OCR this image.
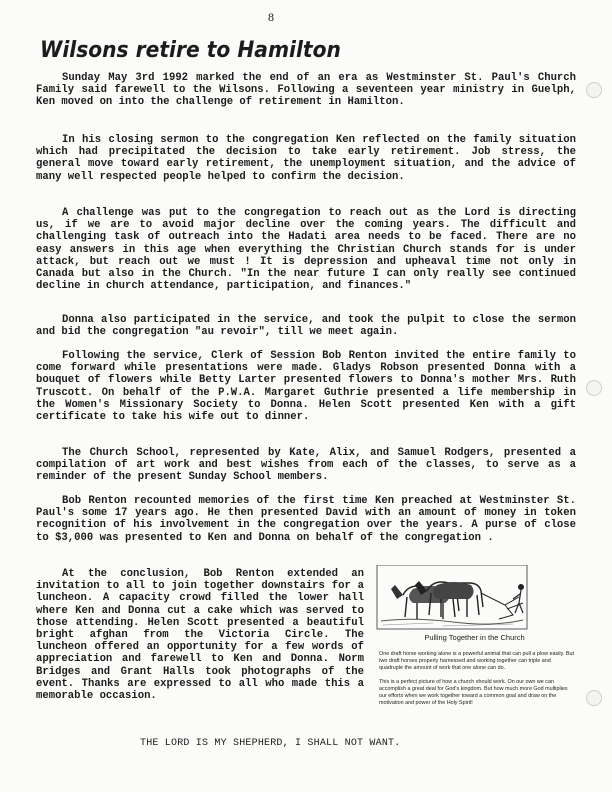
8
Wilsons retire to Hamilton

Sunday May 3rd 1992 marked the end of an era as Westminster St. Paul's Church Family said farewell to the Wilsons. Following a seventeen year ministry in Guelph, Ken moved on into the challenge of retirement in Hamilton.

In his closing sermon to the congregation Ken reflected on the family situation which had precipitated the decision to take early retirement. Job stress, the general move toward early retirement, the unemployment situation, and the advice of many well respected people helped to confirm the decision.

A challenge was put to the congregation to reach out as the Lord is directing us, if we are to avoid major decline over the coming years. The difficult and challenging task of outreach into the Hadati area needs to be faced. There are no easy answers in this age when everything the Christian Church stands for is under attack, but reach out we must ! It is depression and upheaval time not only in Canada but also in the Church. "In the near future I can only really see continued decline in church attendance, participation, and finances."

Donna also participated in the service, and took the pulpit to close the sermon and bid the congregation "au revoir", till we meet again.

Following the service, Clerk of Session Bob Renton invited the entire family to come forward while presentations were made. Gladys Robson presented Donna with a bouquet of flowers while Betty Larter presented flowers to Donna's mother Mrs. Ruth Truscott. On behalf of the P.W.A. Margaret Guthrie presented a life membership in the Women's Missionary Society to Donna. Helen Scott presented Ken with a gift certificate to take his wife out to dinner.

The Church School, represented by Kate, Alix, and Samuel Rodgers, presented a compilation of art work and best wishes from each of the classes, to serve as a reminder of the present Sunday School members.

Bob Renton recounted memories of the first time Ken preached at Westminster St. Paul's some 17 years ago. He then presented David with an amount of money in token recognition of his involvement in the congregation over the years. A purse of close to $3,000 was presented to Ken and Donna on behalf of the congregation .

At the conclusion, Bob Renton extended an invitation to all to join together downstairs for a luncheon. A capacity crowd filled the lower hall where Ken and Donna cut a cake which was served to those attending. Helen Scott presented a beautiful bright afghan from the Victoria Circle. The luncheon offered an opportunity for a few words of appreciation and farewell to Ken and Donna. Norm Bridges and Grant Halls took photographs of the event. Thanks are expressed to all who made this a memorable occasion.

Pulling Together in the Church

One draft horse working alone is a powerful animal that can pull a plow easily. But two draft horses properly harnessed and working together can triple and quadruple the amount of work that one alone can do.

This is a perfect picture of how a church should work. On our own we can accomplish a great deal for God's kingdom. But how much more God multiplies our efforts when we work together toward a common goal and draw on the motivation and power of the Holy Spirit!

THE LORD IS MY SHEPHERD, I SHALL NOT WANT.
